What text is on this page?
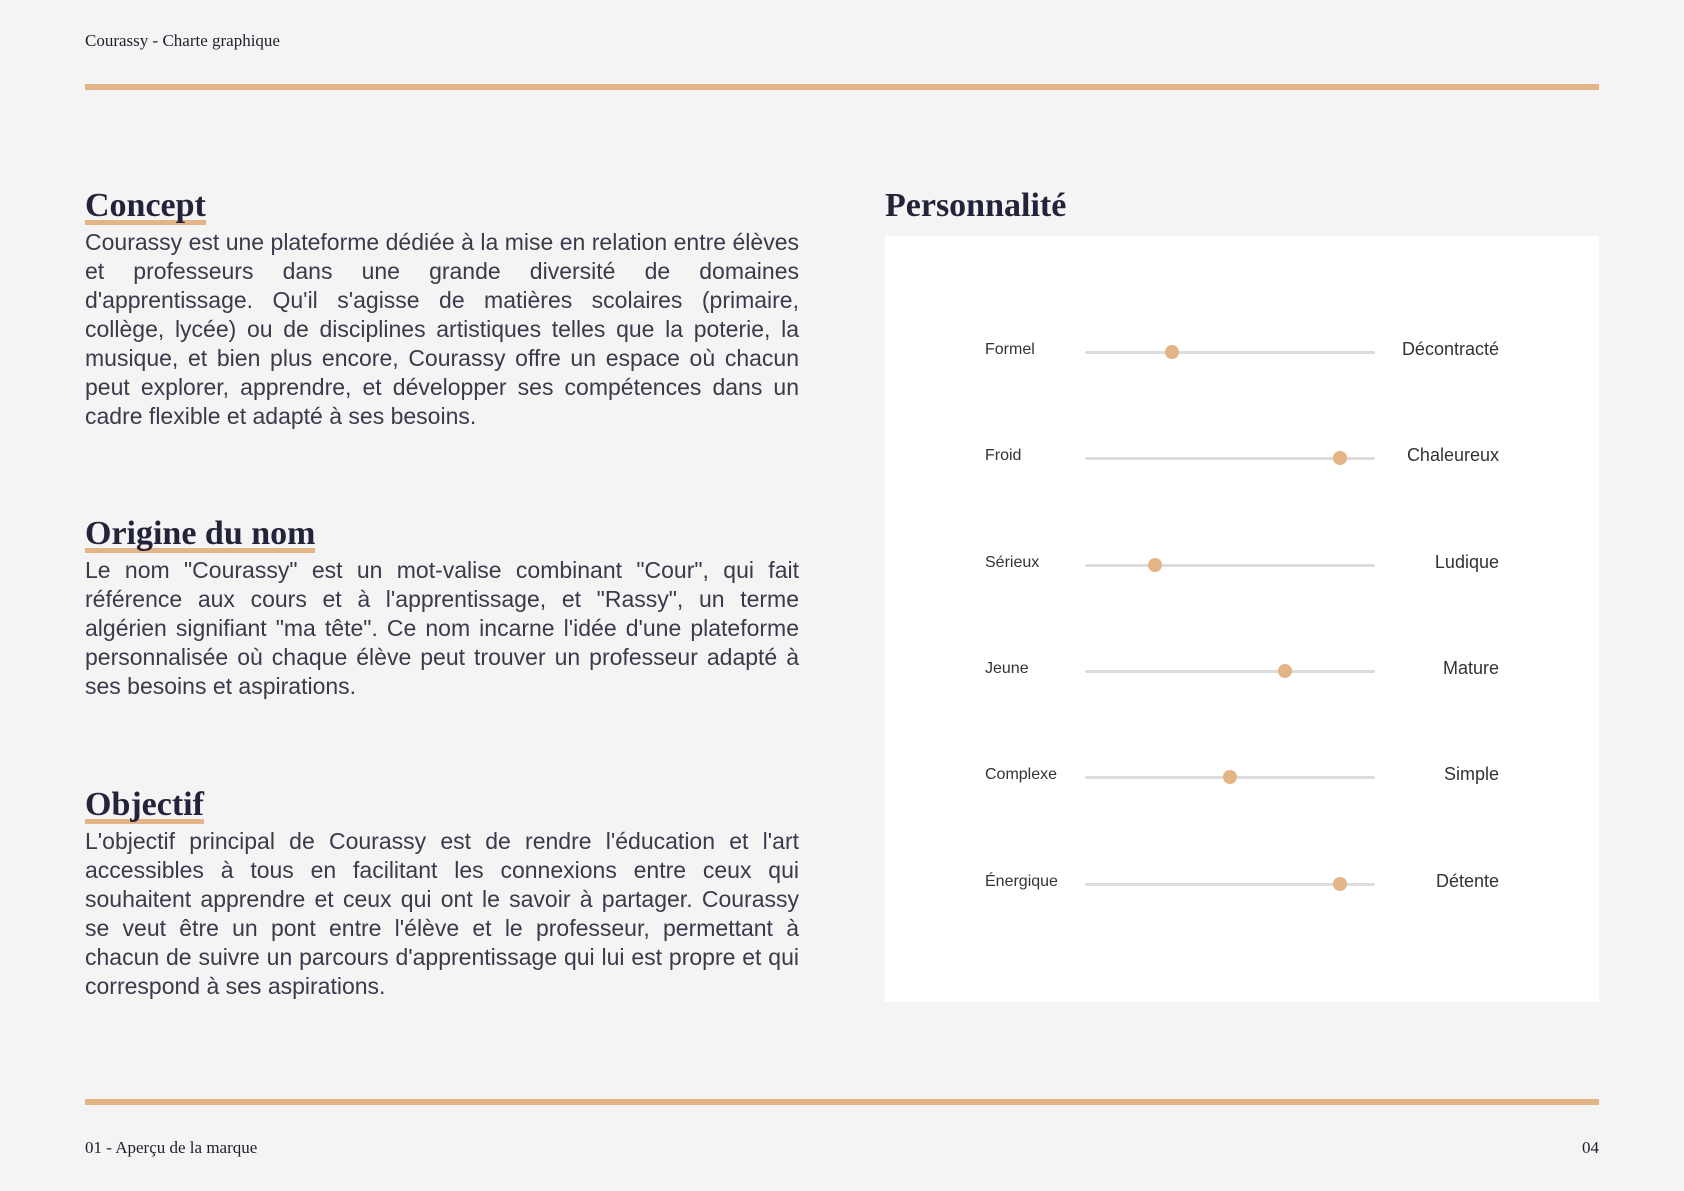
Courassy - Charte graphique
Concept

Courassy est une plateforme dédiée à la mise en relation entre élèves et professeurs dans une grande diversité de domaines d'apprentissage. Qu'il s'agisse de matières scolaires (primaire, collège, lycée) ou de disciplines artistiques telles que la poterie, la musique, et bien plus encore, Courassy offre un espace où chacun peut explorer, apprendre, et développer ses compétences dans un cadre flexible et adapté à ses besoins.

Origine du nom

Le nom "Courassy" est un mot-valise combinant "Cour", qui fait référence aux cours et à l'apprentissage, et "Rassy", un terme algérien signifiant "ma tête". Ce nom incarne l'idée d'une plateforme personnalisée où chaque élève peut trouver un professeur adapté à ses besoins et aspirations.

Objectif

L'objectif principal de Courassy est de rendre l'éducation et l'art accessibles à tous en facilitant les connexions entre ceux qui souhaitent apprendre et ceux qui ont le savoir à partager. Courassy se veut être un pont entre l'élève et le professeur, permettant à chacun de suivre un parcours d'apprentissage qui lui est propre et qui correspond à ses aspirations.

Personnalité
Formel	Décontracté
Froid	Chaleureux
Sérieux	Ludique
Jeune	Mature
Complexe	Simple
Énergique	Détente
01 - Aperçu de la marque	04
